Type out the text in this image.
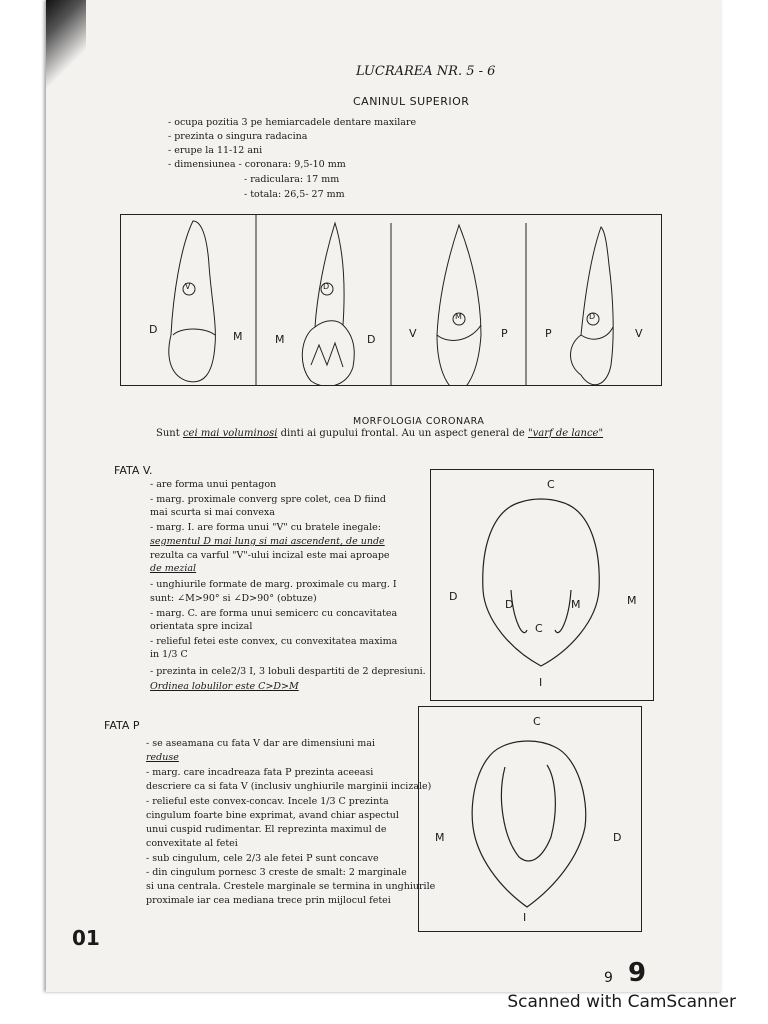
LUCRAREA NR. 5 - 6
CANINUL SUPERIOR
- ocupa pozitia 3 pe hemiarcadele dentare maxilare
- prezinta o singura radacina
- erupe la 11-12 ani
- dimensiunea - coronara: 9,5-10 mm
- radiculara: 17 mm
- totala: 26,5- 27 mm
D
V
M	M
D
D	V
M
P	P
D
V
MORFOLOGIA CORONARA
Sunt cei mai voluminosi dinti ai gupului frontal. Au un aspect general de "varf de lance"
FATA V.
- are forma unui pentagon
- marg. proximale converg spre colet, cea D fiind
mai scurta si mai convexa
- marg. I. are forma unui "V" cu bratele inegale:
segmentul D mai lung si mai ascendent, de unde
rezulta ca varful "V"-ului incizal este mai aproape
de mezial
- unghiurile formate de marg. proximale cu marg. I
sunt: ∠M>90° si ∠D>90° (obtuze)
- marg. C. are forma unui semicerc cu concavitatea
orientata spre incizal
- relieful fetei este convex, cu convexitatea maxima
in 1/3 C
- prezinta in cele2/3 I, 3 lobuli despartiti de 2 depresiuni.
Ordinea lobulilor este C>D>M
C
D	M
I
D
C
M
FATA P
- se aseamana cu fata V dar are dimensiuni mai
reduse
- marg. care incadreaza fata P prezinta aceeasi
descriere ca si fata V (inclusiv unghiurile marginii incizale)
- relieful este convex-concav. Incele 1/3 C prezinta
cingulum foarte bine exprimat, avand chiar aspectul
unui cuspid rudimentar. El reprezinta maximul de
convexitate al fetei
- sub cingulum, cele 2/3 ale fetei P sunt concave
- din cingulum pornesc 3 creste de smalt: 2 marginale
si una centrala. Crestele marginale se termina in unghiurile
proximale iar cea mediana trece prin mijlocul fetei
C
M	D
I
01
9 9
Scanned with CamScanner
